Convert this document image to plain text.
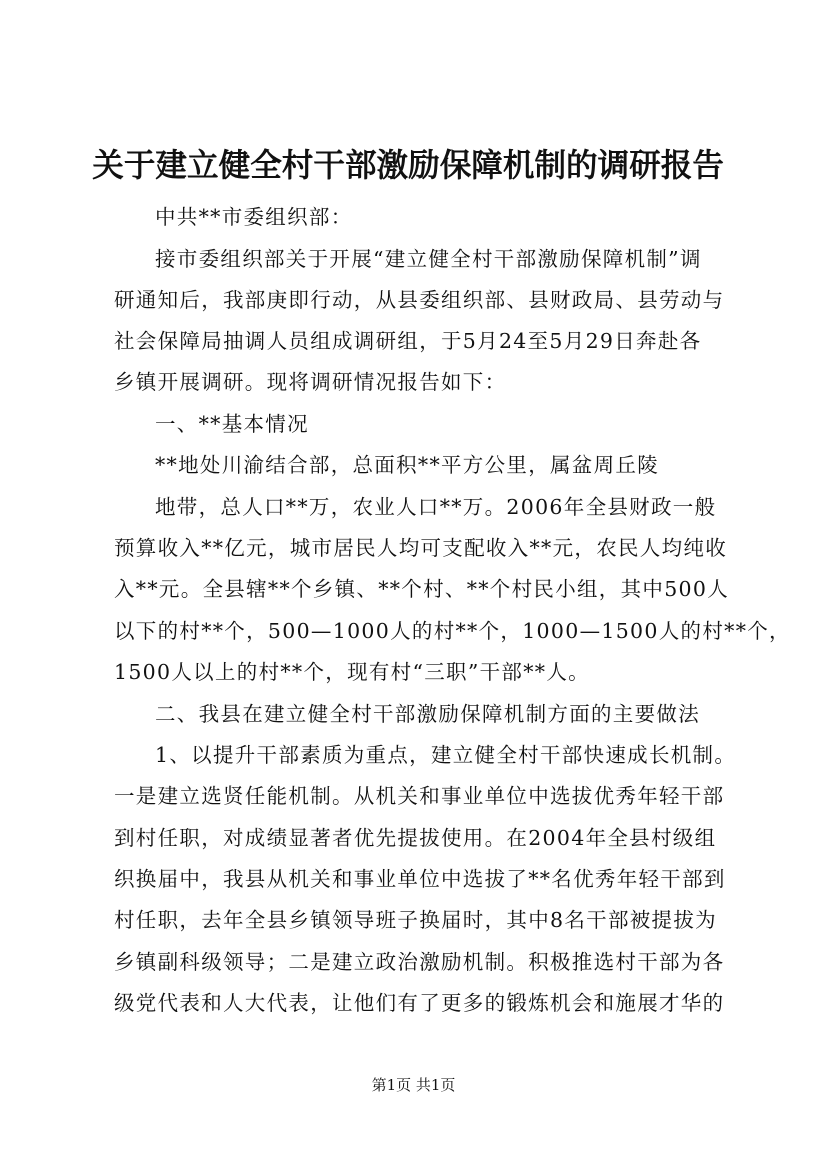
关于建立健全村干部激励保障机制的调研报告
中共**市委组织部：
接市委组织部关于开展“建立健全村干部激励保障机制”调
研通知后，我部庚即行动，从县委组织部、县财政局、县劳动与
社会保障局抽调人员组成调研组，于5月24至5月29日奔赴各
乡镇开展调研。现将调研情况报告如下：
一、**基本情况
**地处川渝结合部，总面积**平方公里，属盆周丘陵
地带，总人口**万，农业人口**万。2006年全县财政一般
预算收入**亿元，城市居民人均可支配收入**元，农民人均纯收
入**元。全县辖**个乡镇、**个村、**个村民小组，其中500人
以下的村**个，500—1000人的村**个，1000—1500人的村**个，
1500人以上的村**个，现有村“三职”干部**人。
二、我县在建立健全村干部激励保障机制方面的主要做法
1、以提升干部素质为重点，建立健全村干部快速成长机制。
一是建立选贤任能机制。从机关和事业单位中选拔优秀年轻干部
到村任职，对成绩显著者优先提拔使用。在2004年全县村级组
织换届中，我县从机关和事业单位中选拔了**名优秀年轻干部到
村任职，去年全县乡镇领导班子换届时，其中8名干部被提拔为
乡镇副科级领导；二是建立政治激励机制。积极推选村干部为各
级党代表和人大代表，让他们有了更多的锻炼机会和施展才华的
第1页 共1页
